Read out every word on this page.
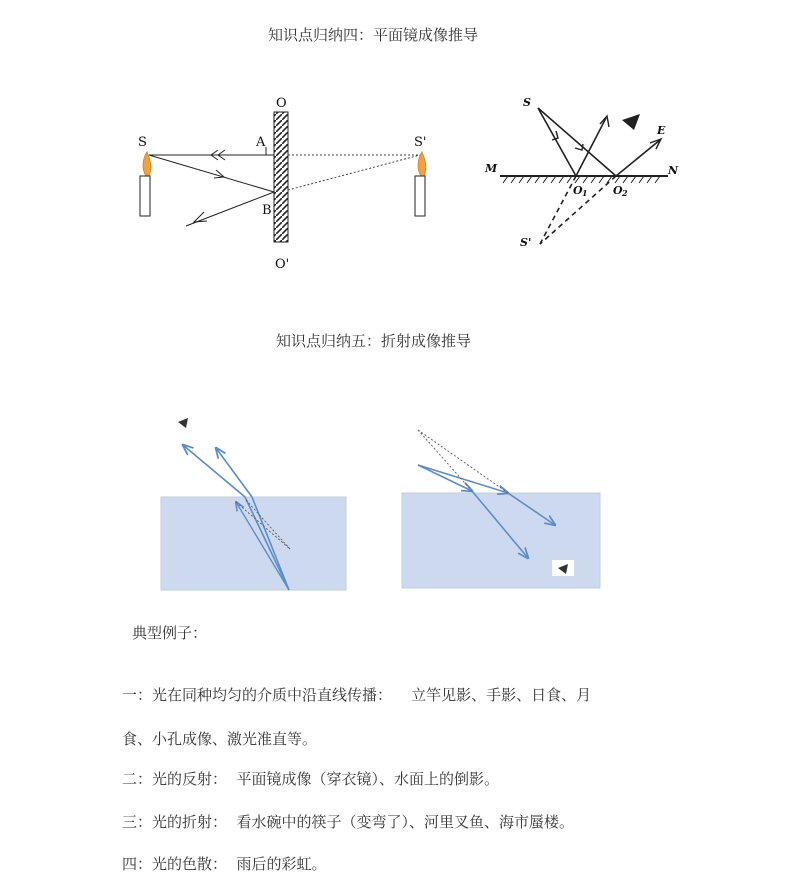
知识点归纳四：平面镜成像推导
知识点归纳五：折射成像推导
O
O'
A
B
S	S'
S
M	N
E
O 1 O 2
S'
典型例子：
一：光在同种均匀的介质中沿直线传播：    立竿见影、手影、日食、月
食、小孔成像、激光准直等。
二：光的反射：  平面镜成像（穿衣镜）、水面上的倒影。
三：光的折射：  看水碗中的筷子（变弯了）、河里叉鱼、海市蜃楼。
四：光的色散：  雨后的彩虹。
